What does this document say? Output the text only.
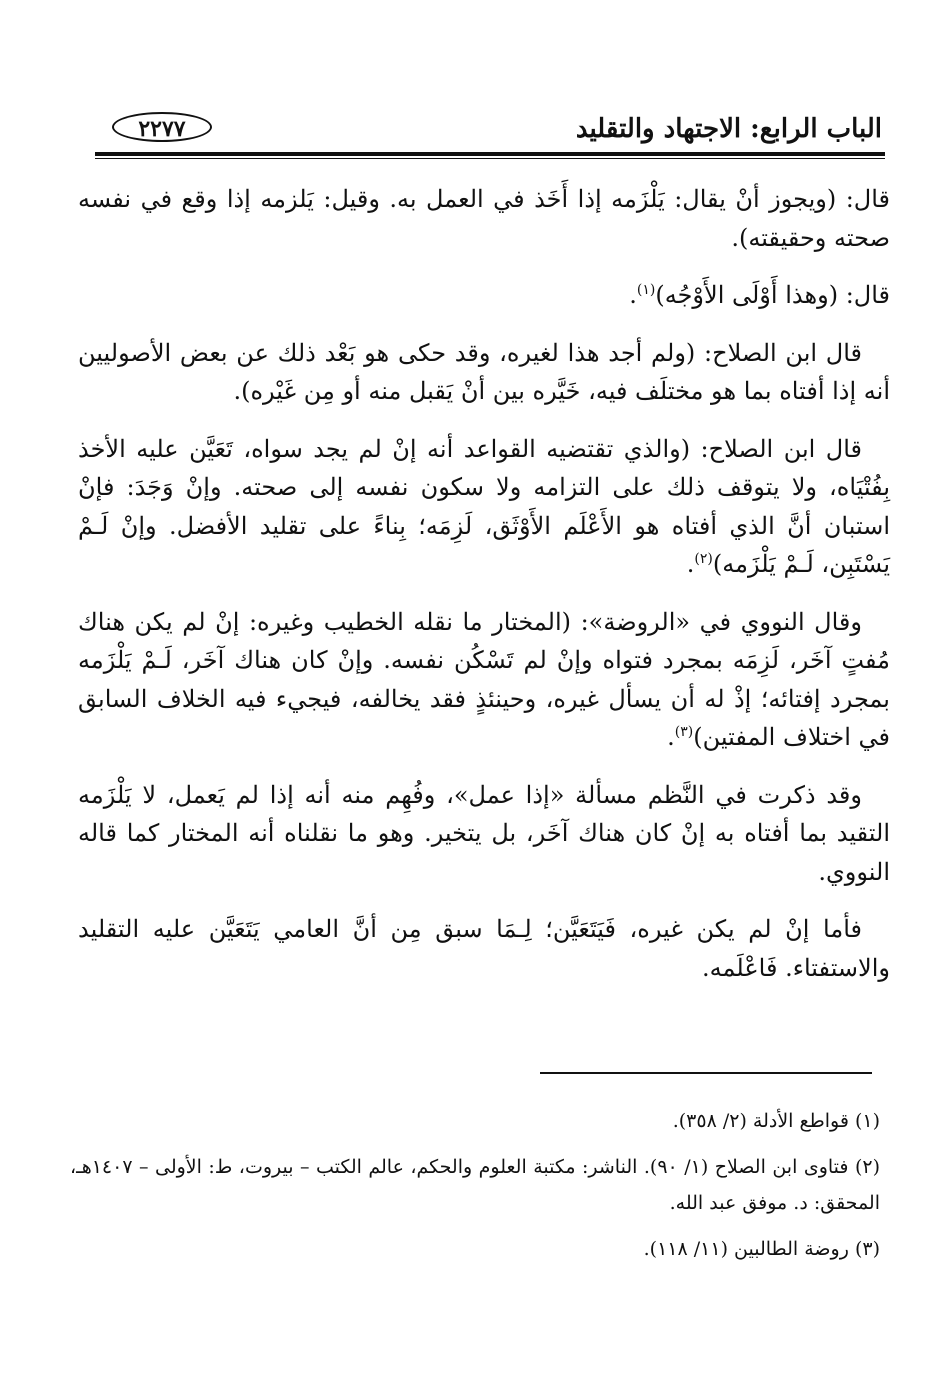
الباب الرابع: الاجتهاد والتقليد
٢٢٧٧

قال: (ويجوز أنْ يقال: يَلْزَمه إذا أَخَذ في العمل به. وقيل: يَلزمه إذا وقع في نفسه صحته وحقيقته).

قال: (وهذا أَوْلَى الأَوْجُه)$^{(١)}$.

قال ابن الصلاح: (ولم أجد هذا لغيره، وقد حكى هو بَعْد ذلك عن بعض الأصوليين أنه إذا أفتاه بما هو مختلَف فيه، خَيَّره بين أنْ يَقبل منه أو مِن غَيْره).

قال ابن الصلاح: (والذي تقتضيه القواعد أنه إنْ لم يجد سواه، تَعَيَّن عليه الأخذ بِفُتْيَاه، ولا يتوقف ذلك على التزامه ولا سكون نفسه إلى صحته. وإنْ وَجَدَ: فإنْ استبان أنَّ الذي أفتاه هو الأَعْلَم الأَوْثَق، لَزِمَه؛ بِناءً على تقليد الأفضل. وإنْ لَـمْ يَسْتَبِن، لَـمْ يَلْزَمه)$^{(٢)}$.

وقال النووي في «الروضة»: (المختار ما نقله الخطيب وغيره: إنْ لم يكن هناك مُفتٍ آخَر، لَزِمَه بمجرد فتواه وإنْ لم تَسْكُن نفسه. وإنْ كان هناك آخَر، لَـمْ يَلْزَمه بمجرد إفتائه؛ إذْ له أن يسأل غيره، وحينئذٍ فقد يخالفه، فيجيء فيه الخلاف السابق في اختلاف المفتين)$^{(٣)}$.

وقد ذكرت في النَّظم مسألة «إذا عمل»، وفُهِم منه أنه إذا لم يَعمل، لا يَلْزَمه التقيد بما أفتاه به إنْ كان هناك آخَر، بل يتخير. وهو ما نقلناه أنه المختار كما قاله النووي.

فأما إنْ لم يكن غيره، فَيَتَعَيَّن؛ لِـمَا سبق مِن أنَّ العامي يَتَعَيَّن عليه التقليد والاستفتاء. فَاعْلَمه.

(١) قواطع الأدلة (٢/ ٣٥٨).

(٢) فتاوى ابن الصلاح (١/ ٩٠). الناشر: مكتبة العلوم والحكم، عالم الكتب – بيروت، ط: الأولى – ١٤٠٧هـ، المحقق: د. موفق عبد الله.

(٣) روضة الطالبين (١١/ ١١٨).
